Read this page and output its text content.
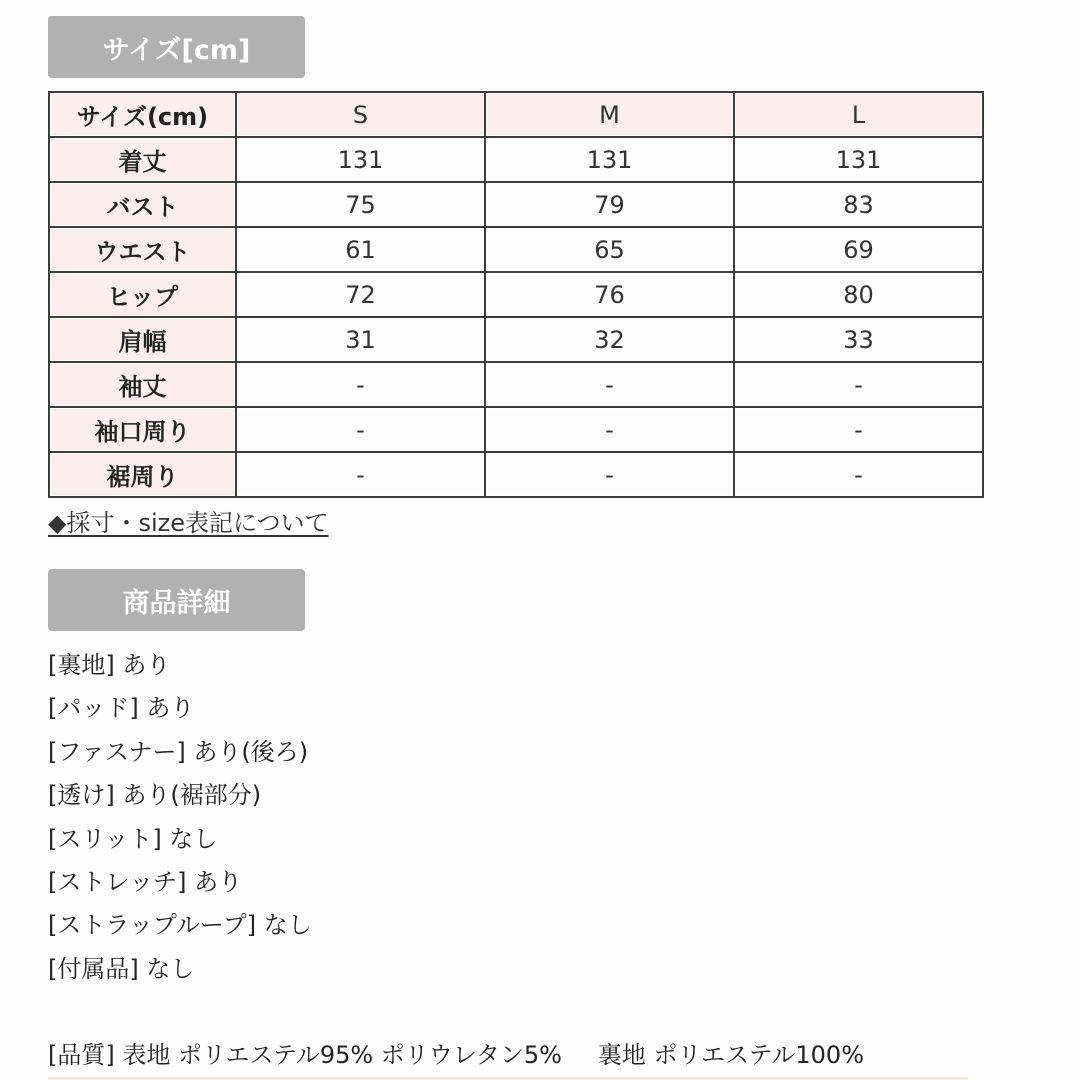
サイズ[cm]
サイズ(cm)	S	M	L
着丈	131	131	131
バスト	75	79	83
ウエスト	61	65	69
ヒップ	72	76	80
肩幅	31	32	33
袖丈	-	-	-
袖口周り	-	-	-
裾周り	-	-	-
◆採寸・size表記について
商品詳細
[裏地] あり
[パッド] あり
[ファスナー] あり(後ろ)
[透け] あり(裾部分)
[スリット] なし
[ストレッチ] あり
[ストラップループ] なし
[付属品] なし
[品質] 表地 ポリエステル95% ポリウレタン5% 裏地 ポリエステル100%
